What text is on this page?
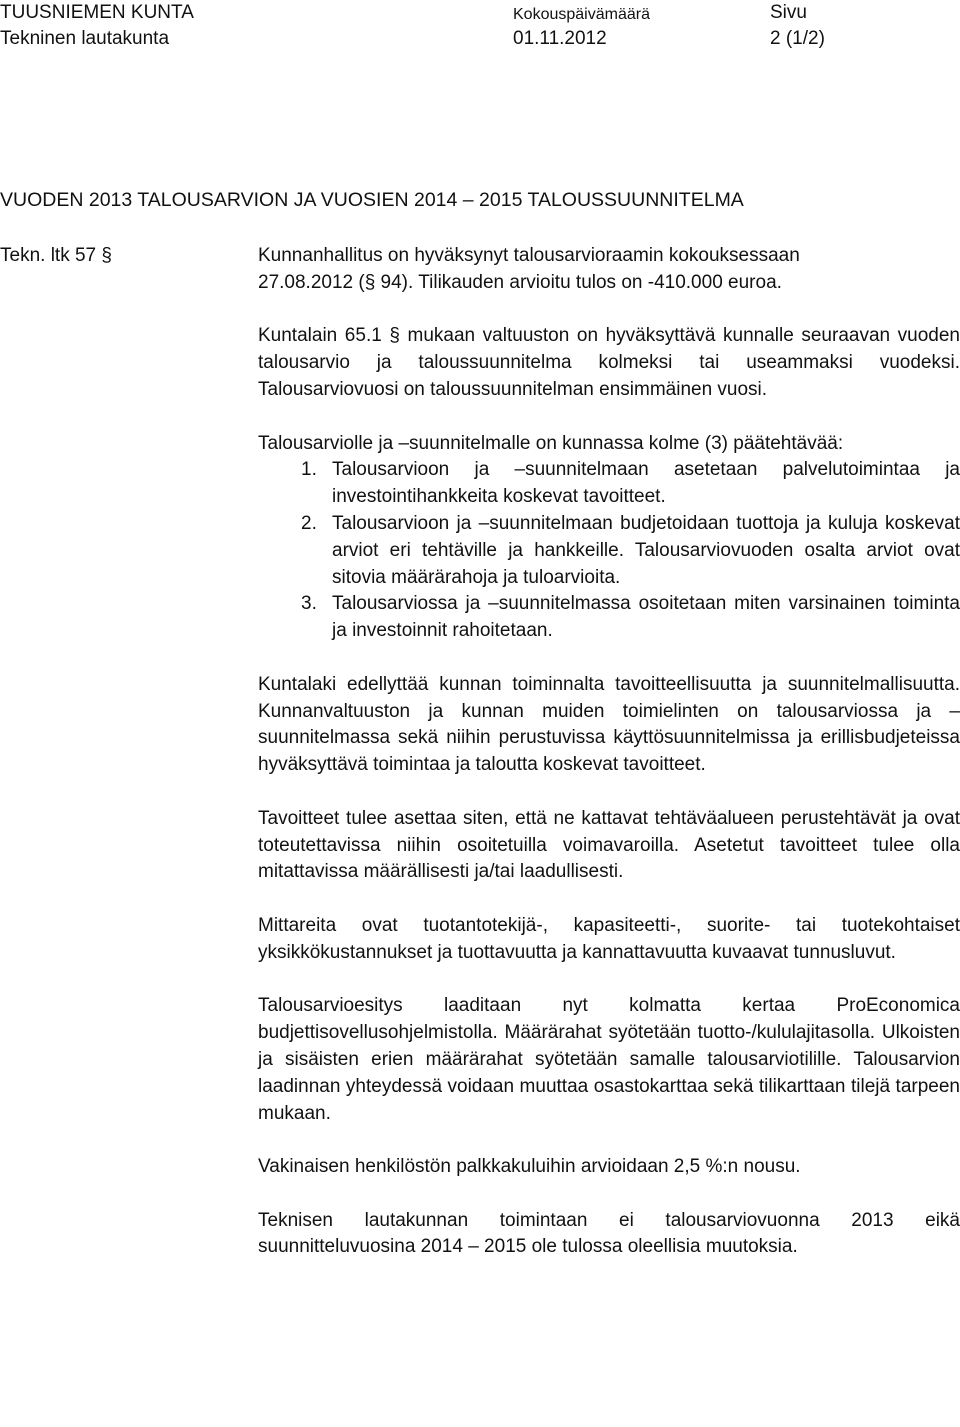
TUUSNIEMEN KUNTA
Tekninen lautakunta
Kokouspäivämäärä
01.11.2012
Sivu
2 (1/2)
VUODEN 2013 TALOUSARVION JA VUOSIEN 2014 – 2015 TALOUSSUUNNITELMA
Tekn. ltk 57 §	Kunnanhallitus on hyväksynyt talousarvioraamin kokouksessaan
27.08.2012 (§ 94). Tilikauden arvioitu tulos on -410.000 euroa.

Kuntalain 65.1 § mukaan valtuuston on hyväksyttävä kunnalle seuraavan vuoden talousarvio ja taloussuunnitelma kolmeksi tai useammaksi vuodeksi. Talousarviovuosi on taloussuunnitelman ensimmäinen vuosi.

Talousarviolle ja –suunnitelmalle on kunnassa kolme (3) päätehtävää:

1. Talousarvioon ja –suunnitelmaan asetetaan palvelutoimintaa ja investointihankkeita koskevat tavoitteet.
2. Talousarvioon ja –suunnitelmaan budjetoidaan tuottoja ja kuluja koskevat arviot eri tehtäville ja hankkeille. Talousarviovuoden osalta arviot ovat sitovia määrärahoja ja tuloarvioita.
3. Talousarviossa ja –suunnitelmassa osoitetaan miten varsinainen toiminta ja investoinnit rahoitetaan.

Kuntalaki edellyttää kunnan toiminnalta tavoitteellisuutta ja suunnitelmallisuutta. Kunnanvaltuuston ja kunnan muiden toimielinten on talousarviossa ja –suunnitelmassa sekä niihin perustuvissa käyttösuunnitelmissa ja erillisbudjeteissa hyväksyttävä toimintaa ja taloutta koskevat tavoitteet.

Tavoitteet tulee asettaa siten, että ne kattavat tehtäväalueen perustehtävät ja ovat toteutettavissa niihin osoitetuilla voimavaroilla. Asetetut tavoitteet tulee olla mitattavissa määrällisesti ja/tai laadullisesti.

Mittareita ovat tuotantotekijä-, kapasiteetti-, suorite- tai tuotekohtaiset yksikkökustannukset ja tuottavuutta ja kannattavuutta kuvaavat tunnusluvut.

Talousarvioesitys laaditaan nyt kolmatta kertaa ProEconomica budjettisovellusohjelmistolla. Määrärahat syötetään tuotto-/kululajitasolla. Ulkoisten ja sisäisten erien määrärahat syötetään samalle talousarviotilille. Talousarvion laadinnan yhteydessä voidaan muuttaa osastokarttaa sekä tilikarttaan tilejä tarpeen mukaan.

Vakinaisen henkilöstön palkkakuluihin arvioidaan 2,5 %:n nousu.

Teknisen lautakunnan toimintaan ei talousarviovuonna 2013 eikä suunnitteluvuosina 2014 – 2015 ole tulossa oleellisia muutoksia.
